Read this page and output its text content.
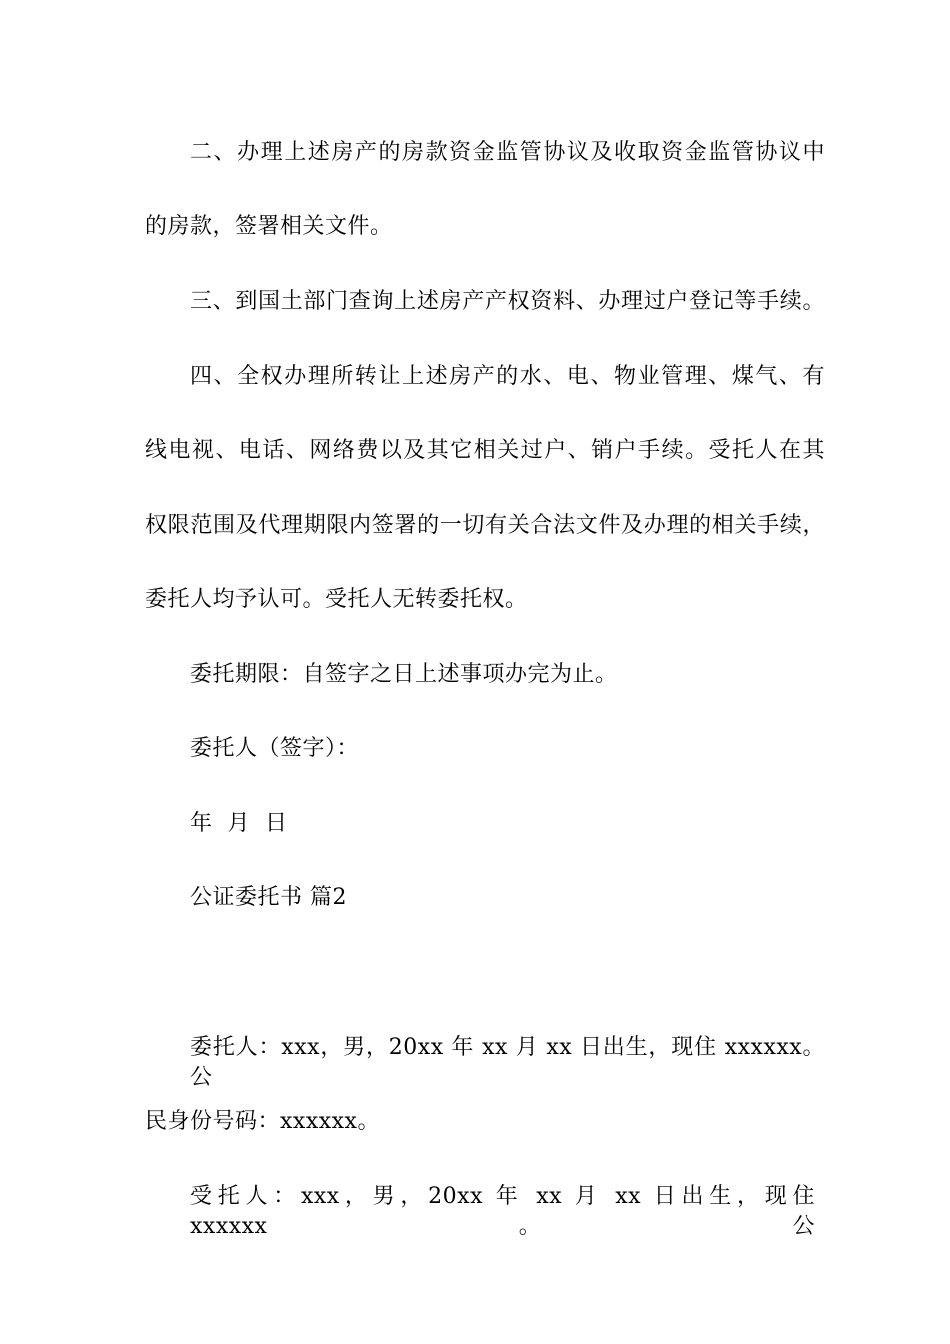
二、办理上述房产的房款资金监管协议及收取资金监管协议中
的房款，签署相关文件。
三、到国土部门查询上述房产产权资料、办理过户登记等手续。
四、全权办理所转让上述房产的水、电、物业管理、煤气、有
线电视、电话、网络费以及其它相关过户、销户手续。受托人在其
权限范围及代理期限内签署的一切有关合法文件及办理的相关手续，
委托人均予认可。受托人无转委托权。
委托期限：自签字之日上述事项办完为止。
委托人（签字）：
年  月  日
公证委托书 篇2
委托人：xxx，男，20xx 年 xx 月 xx 日出生，现住 xxxxxx。公
民身份号码：xxxxxx。
受托人：xxx，男，20xx 年 xx 月 xx 日出生，现住 xxxxxx。公
